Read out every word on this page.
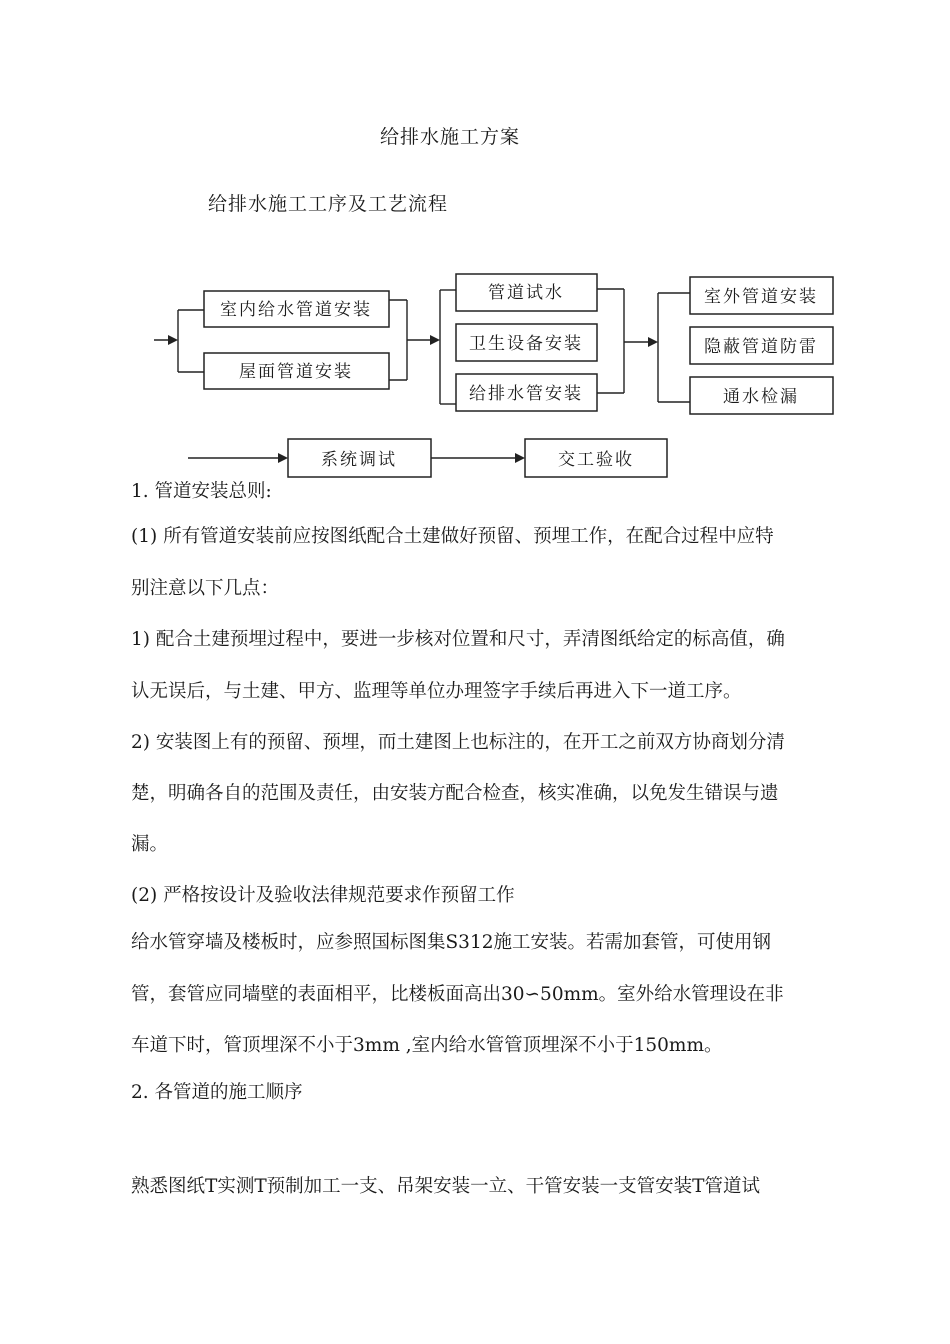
给排水施工方案
给排水施工工序及工艺流程
室内给水管道安装
屋面管道安装
管道试水
卫生设备安装
给排水管安装
室外管道安装
隐蔽管道防雷
通水检漏
系统调试	交工验收
1. 管道安装总则:
(1) 所有管道安装前应按图纸配合土建做好预留、预埋工作，在配合过程中应特
别注意以下几点：
1) 配合土建预埋过程中，要进一步核对位置和尺寸，弄清图纸给定的标高值，确
认无误后，与土建、甲方、监理等单位办理签字手续后再进入下一道工序。
2) 安装图上有的预留、预埋，而土建图上也标注的，在开工之前双方协商划分清
楚，明确各自的范围及责任，由安装方配合检查，核实准确，以免发生错误与遗
漏。
(2) 严格按设计及验收法律规范要求作预留工作
给水管穿墙及楼板时，应参照国标图集S312施工安装。若需加套管，可使用钢
管，套管应同墙壁的表面相平，比楼板面高出30∽50mm。室外给水管理设在非
车道下时，管顶埋深不小于3mm ,室内给水管管顶埋深不小于150mm。
2. 各管道的施工顺序
熟悉图纸T实测T预制加工一支、吊架安装一立、干管安装一支管安装T管道试
